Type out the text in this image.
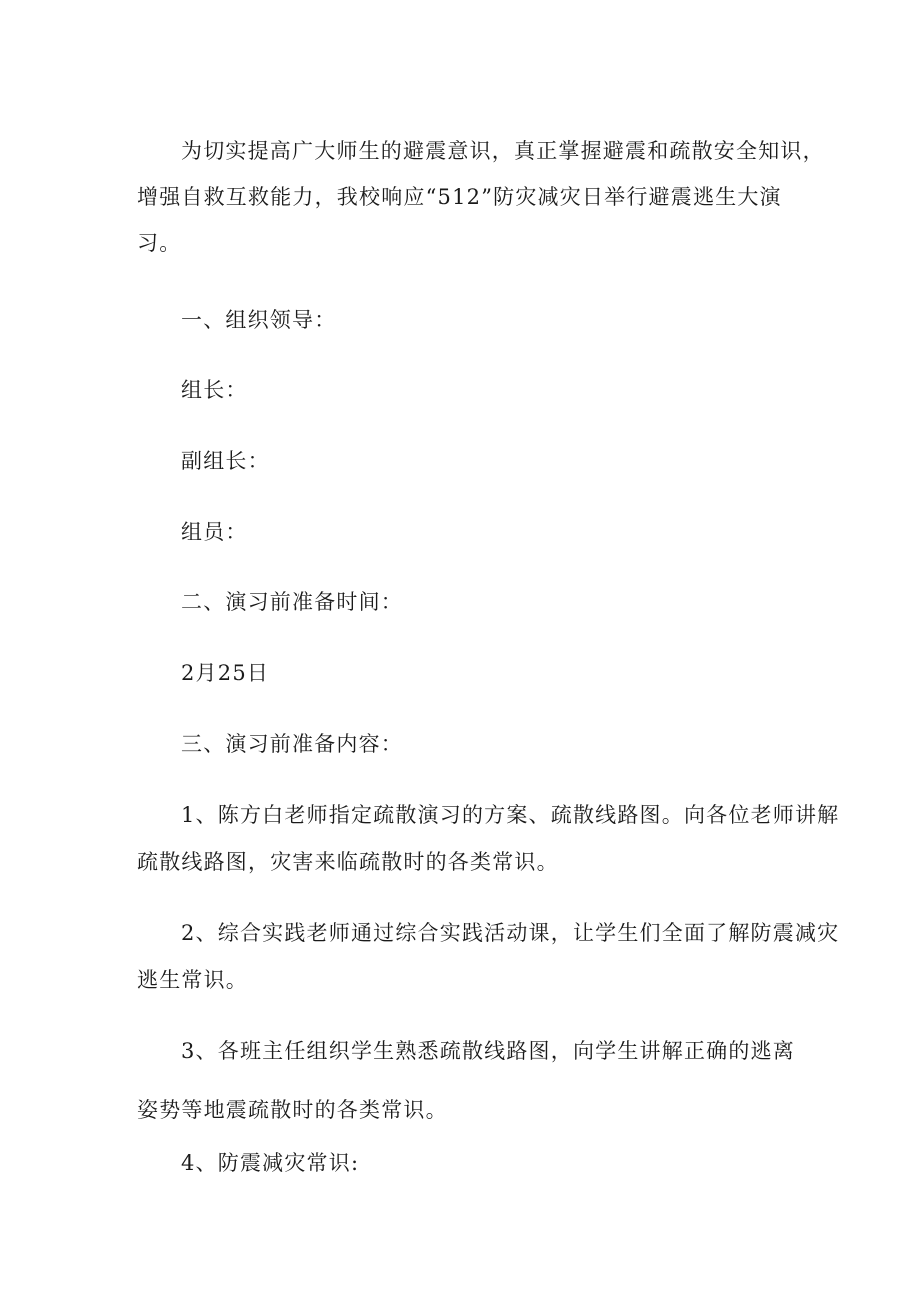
为切实提高广大师生的避震意识，真正掌握避震和疏散安全知识，
增强自救互救能力，我校响应“512”防灾减灾日举行避震逃生大演
习。
一、组织领导：
组长：
副组长：
组员：
二、演习前准备时间：
2月25日
三、演习前准备内容：
1、陈方白老师指定疏散演习的方案、疏散线路图。向各位老师讲解
疏散线路图，灾害来临疏散时的各类常识。
2、综合实践老师通过综合实践活动课，让学生们全面了解防震减灾
逃生常识。
3、各班主任组织学生熟悉疏散线路图，向学生讲解正确的逃离
姿势等地震疏散时的各类常识。
4、防震减灾常识:
